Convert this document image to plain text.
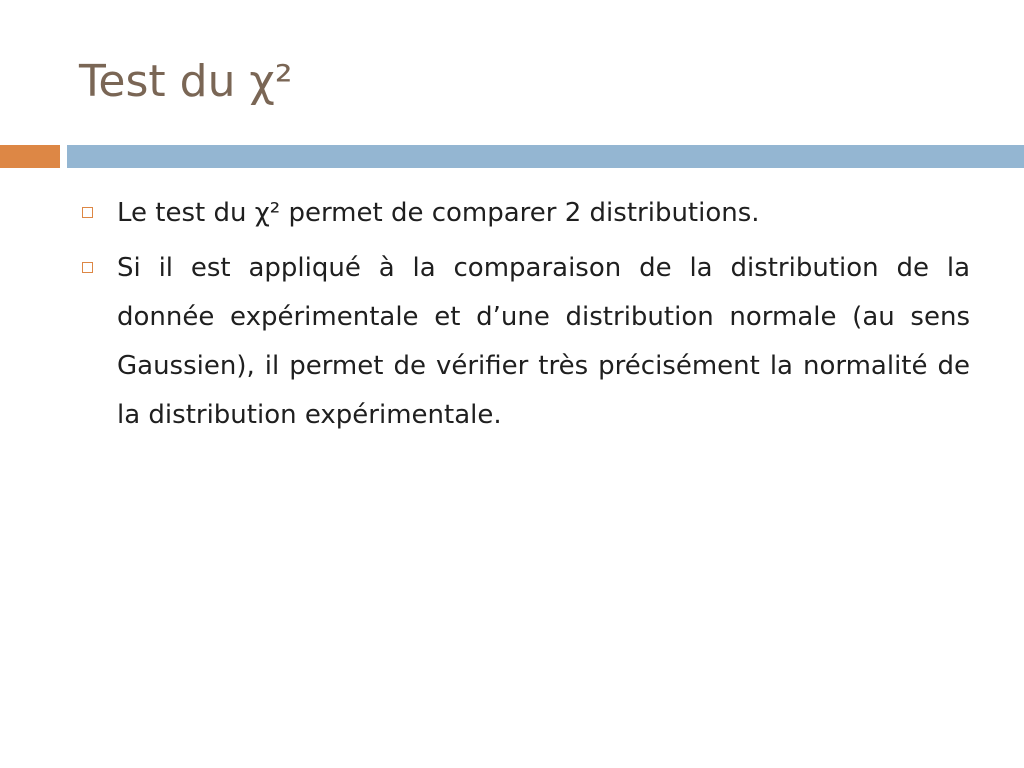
Test du χ²
Le test du χ² permet de comparer 2 distributions.
Si il est appliqué à la comparaison de la distribution de la donnée expérimentale et d’une distribution normale (au sens Gaussien), il permet de vérifier très précisément la normalité de la distribution expérimentale.
